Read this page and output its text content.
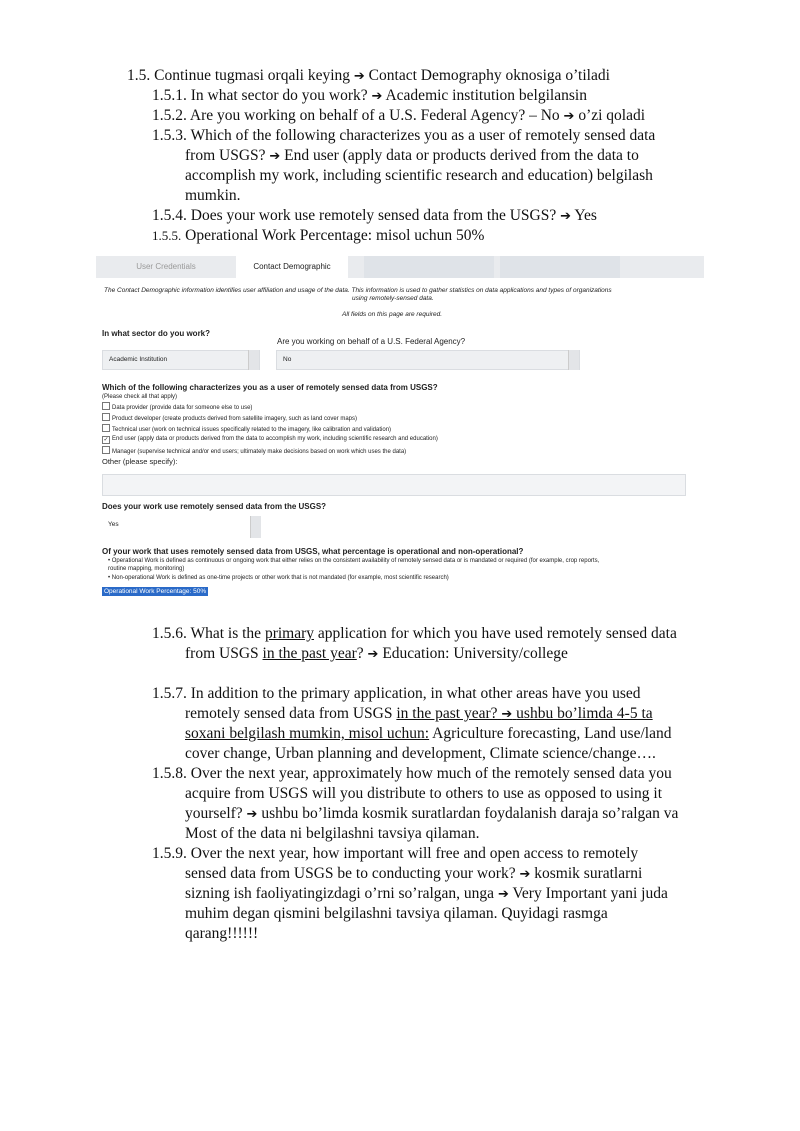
1.5. Continue tugmasi orqali keying ➔ Contact Demography oknosiga o’tiladi
1.5.1. In what sector do you work? ➔ Academic institution belgilansin
1.5.2. Are you working on behalf of a U.S. Federal Agency? – No ➔ o’zi qoladi
1.5.3. Which of the following characterizes you as a user of remotely sensed data
from USGS? ➔ End user (apply data or products derived from the data to
accomplish my work, including scientific research and education) belgilash
mumkin.
1.5.4. Does your work use remotely sensed data from the USGS? ➔ Yes
1.5.5. Operational Work Percentage: misol uchun 50%
User Credentials	Contact Demographic
The Contact Demographic information identifies user affiliation and usage of the data. This information is used to gather statistics on data applications and types of organizations
using remotely-sensed data.
All fields on this page are required.
In what sector do you work?
Are you working on behalf of a U.S. Federal Agency?
Academic Institution	No
Which of the following characterizes you as a user of remotely sensed data from USGS?
(Please check all that apply)
Data provider (provide data for someone else to use)
Product developer (create products derived from satellite imagery, such as land cover maps)
Technical user (work on technical issues specifically related to the imagery, like calibration and validation)
✓ End user (apply data or products derived from the data to accomplish my work, including scientific research and education)
Manager (supervise technical and/or end users; ultimately make decisions based on work which uses the data)
Other (please specify):
Does your work use remotely sensed data from the USGS?
Yes
Of your work that uses remotely sensed data from USGS, what percentage is operational and non-operational?
• Operational Work is defined as continuous or ongoing work that either relies on the consistent availability of remotely sensed data or is mandated or required (for example, crop reports,
routine mapping, monitoring)
• Non-operational Work is defined as one-time projects or other work that is not mandated (for example, most scientific research)
Operational Work Percentage: 50%
1.5.6. What is the primary application for which you have used remotely sensed data
from USGS in the past year? ➔ Education: University/college
1.5.7. In addition to the primary application, in what other areas have you used
remotely sensed data from USGS in the past year? ➔ ushbu bo’limda 4-5 ta
soxani belgilash mumkin, misol uchun: Agriculture forecasting, Land use/land
cover change, Urban planning and development, Climate science/change….
1.5.8. Over the next year, approximately how much of the remotely sensed data you
acquire from USGS will you distribute to others to use as opposed to using it
yourself? ➔ ushbu bo’limda kosmik suratlardan foydalanish daraja so’ralgan va
Most of the data ni belgilashni tavsiya qilaman.
1.5.9. Over the next year, how important will free and open access to remotely
sensed data from USGS be to conducting your work? ➔ kosmik suratlarni
sizning ish faoliyatingizdagi o’rni so’ralgan, unga ➔ Very Important yani juda
muhim degan qismini belgilashni tavsiya qilaman. Quyidagi rasmga
qarang!!!!!!
